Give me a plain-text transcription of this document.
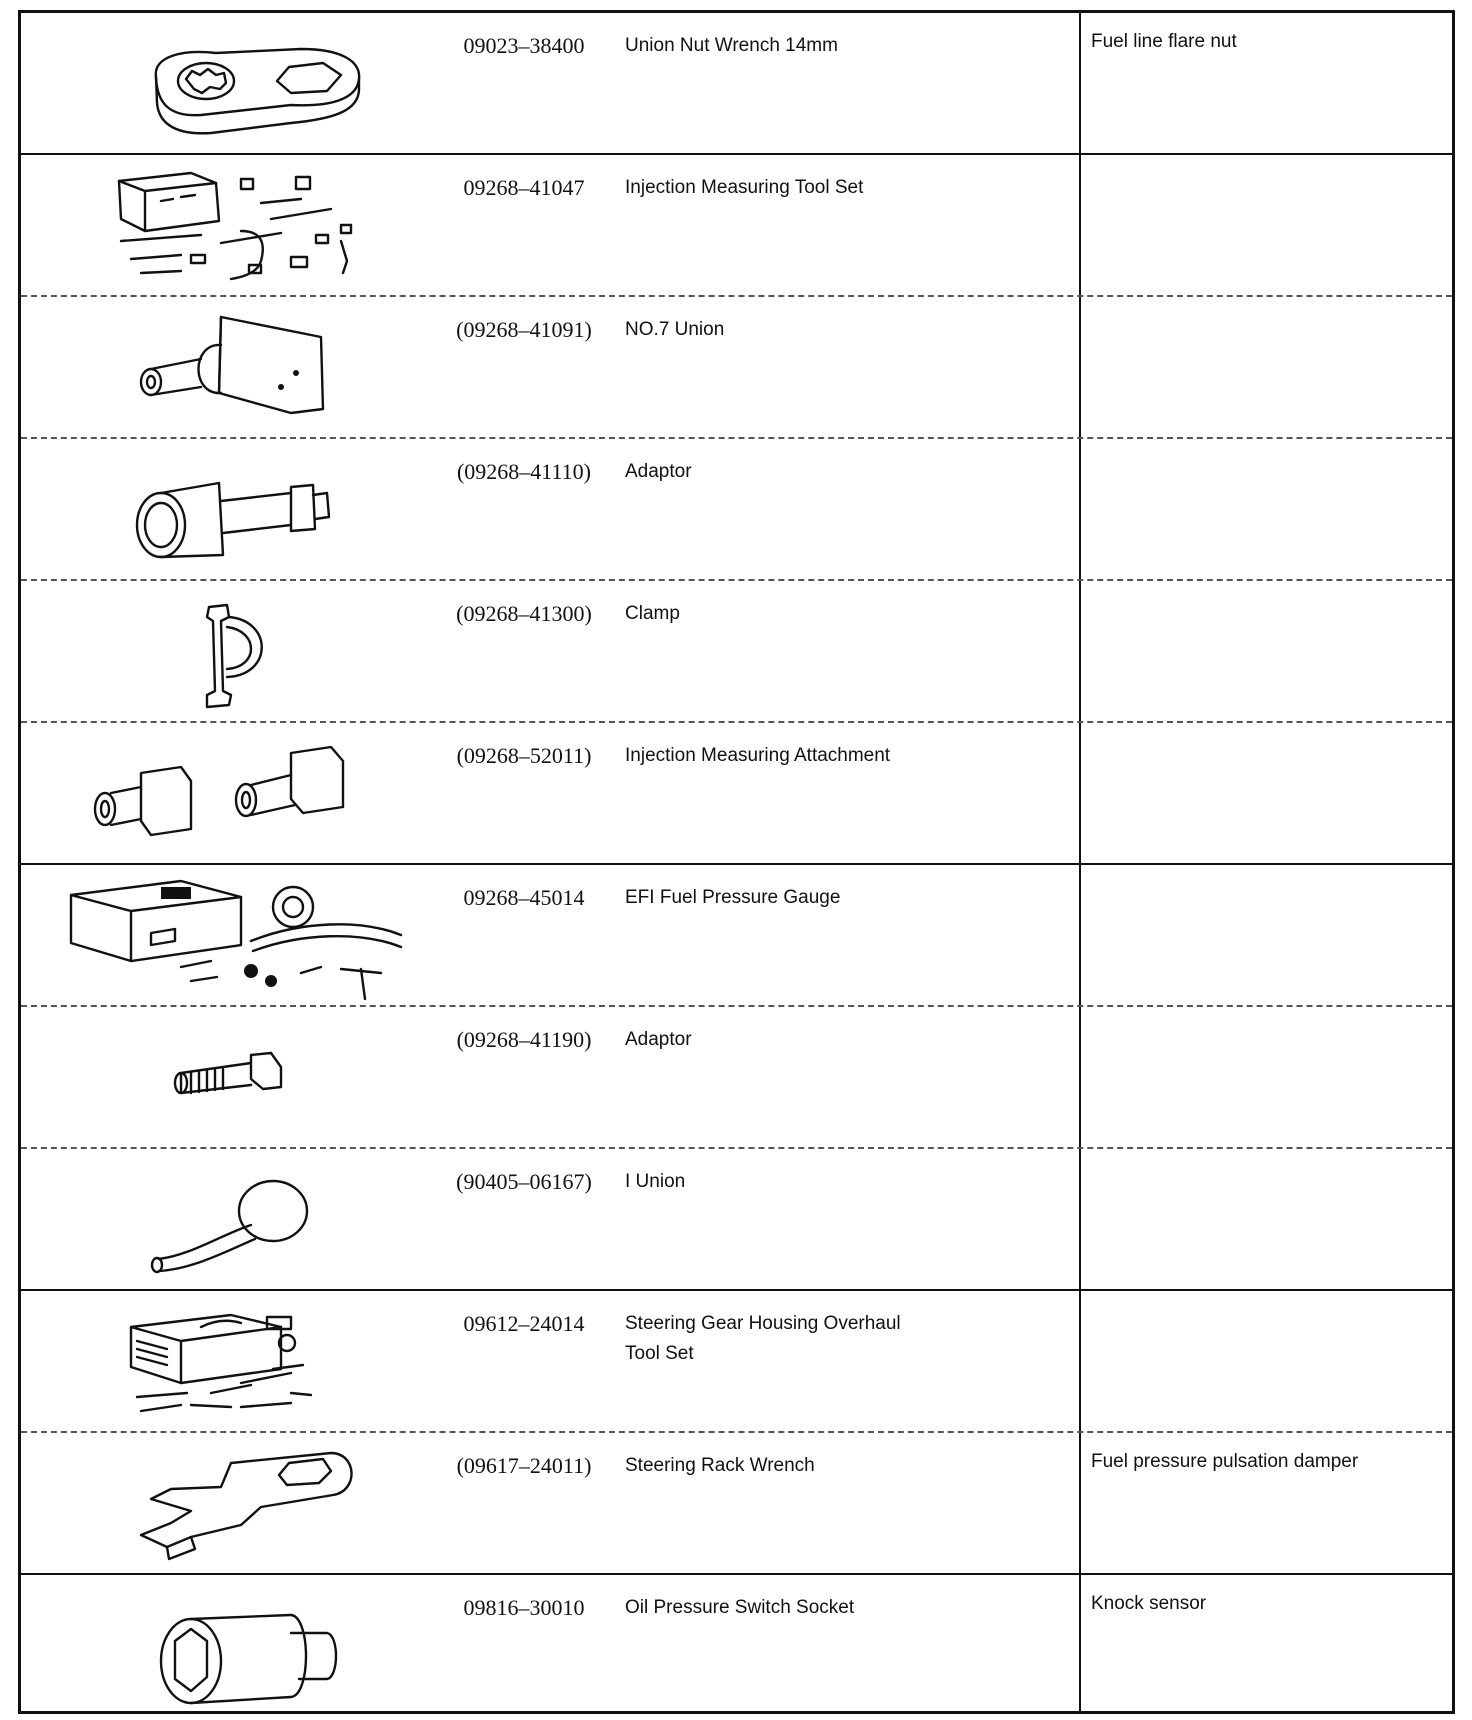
09023–38400	Union Nut Wrench 14mm	Fuel line flare nut
09268–41047	Injection Measuring Tool Set
(09268–41091)	NO.7 Union
(09268–41110)	Adaptor
(09268–41300)	Clamp
(09268–52011)	Injection Measuring Attachment
09268–45014	EFI Fuel Pressure Gauge
(09268–41190)	Adaptor
(90405–06167)	I Union
09612–24014	Steering Gear Housing Overhaul
Tool Set
(09617–24011)	Steering Rack Wrench	Fuel pressure pulsation damper
09816–30010	Oil Pressure Switch Socket	Knock sensor
